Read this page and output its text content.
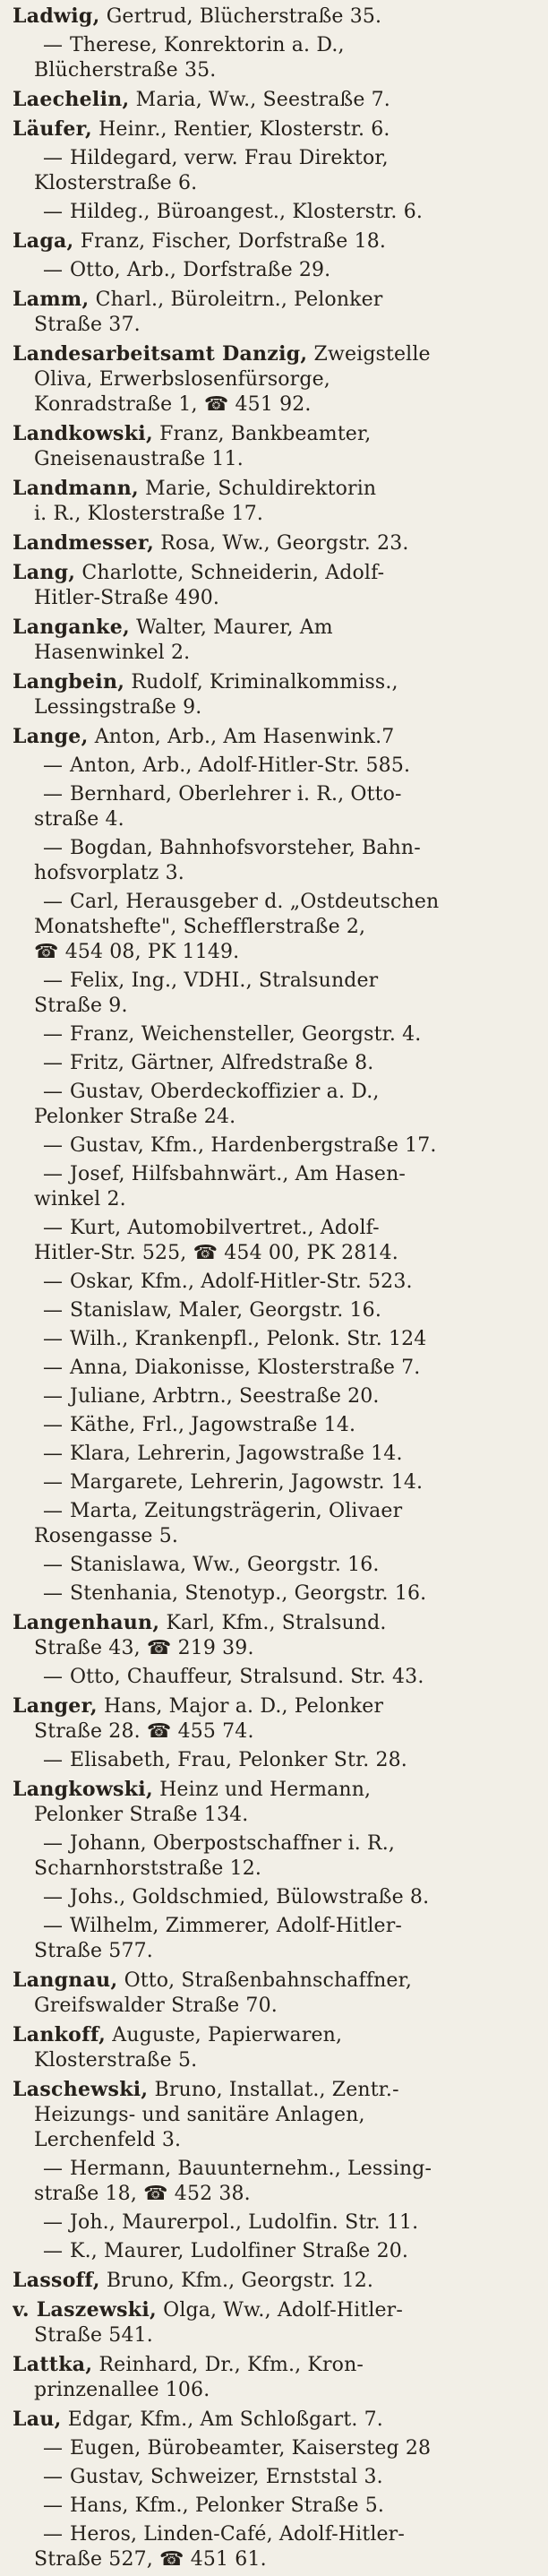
Ladwig, Gertrud, Blücherstraße 35.
— Therese, Konrektorin a. D.,
Blücherstraße 35.
Laechelin, Maria, Ww., Seestraße 7.
Läufer, Heinr., Rentier, Klosterstr. 6.
— Hildegard, verw. Frau Direktor,
Klosterstraße 6.
— Hildeg., Büroangest., Klosterstr. 6.
Laga, Franz, Fischer, Dorfstraße 18.
— Otto, Arb., Dorfstraße 29.
Lamm, Charl., Büroleitrn., Pelonker
Straße 37.
Landesarbeitsamt Danzig, Zweigstelle
Oliva, Erwerbslosenfürsorge,
Konradstraße 1, ☎ 451 92.
Landkowski, Franz, Bankbeamter,
Gneisenaustraße 11.
Landmann, Marie, Schuldirektorin
i. R., Klosterstraße 17.
Landmesser, Rosa, Ww., Georgstr. 23.
Lang, Charlotte, Schneiderin, Adolf-
Hitler-Straße 490.
Langanke, Walter, Maurer, Am
Hasenwinkel 2.
Langbein, Rudolf, Kriminalkommiss.,
Lessingstraße 9.
Lange, Anton, Arb., Am Hasenwink.7
— Anton, Arb., Adolf-Hitler-Str. 585.
— Bernhard, Oberlehrer i. R., Otto-
straße 4.
— Bogdan, Bahnhofsvorsteher, Bahn-
hofsvorplatz 3.
— Carl, Herausgeber d. „Ostdeutschen
Monatshefte", Schefflerstraße 2,
☎ 454 08, PK 1149.
— Felix, Ing., VDHI., Stralsunder
Straße 9.
— Franz, Weichensteller, Georgstr. 4.
— Fritz, Gärtner, Alfredstraße 8.
— Gustav, Oberdeckoffizier a. D.,
Pelonker Straße 24.
— Gustav, Kfm., Hardenbergstraße 17.
— Josef, Hilfsbahnwärt., Am Hasen-
winkel 2.
— Kurt, Automobilvertret., Adolf-
Hitler-Str. 525, ☎ 454 00, PK 2814.
— Oskar, Kfm., Adolf-Hitler-Str. 523.
— Stanislaw, Maler, Georgstr. 16.
— Wilh., Krankenpfl., Pelonk. Str. 124
— Anna, Diakonisse, Klosterstraße 7.
— Juliane, Arbtrn., Seestraße 20.
— Käthe, Frl., Jagowstraße 14.
— Klara, Lehrerin, Jagowstraße 14.
— Margarete, Lehrerin, Jagowstr. 14.
— Marta, Zeitungsträgerin, Olivaer
Rosengasse 5.
— Stanislawa, Ww., Georgstr. 16.
— Stenhania, Stenotyp., Georgstr. 16.
Langenhaun, Karl, Kfm., Stralsund.
Straße 43, ☎ 219 39.
— Otto, Chauffeur, Stralsund. Str. 43.
Langer, Hans, Major a. D., Pelonker
Straße 28. ☎ 455 74.
— Elisabeth, Frau, Pelonker Str. 28.
Langkowski, Heinz und Hermann,
Pelonker Straße 134.
— Johann, Oberpostschaffner i. R.,
Scharnhorststraße 12.
— Johs., Goldschmied, Bülowstraße 8.
— Wilhelm, Zimmerer, Adolf-Hitler-
Straße 577.
Langnau, Otto, Straßenbahnschaffner,
Greifswalder Straße 70.
Lankoff, Auguste, Papierwaren,
Klosterstraße 5.
Laschewski, Bruno, Installat., Zentr.-
Heizungs- und sanitäre Anlagen,
Lerchenfeld 3.
— Hermann, Bauunternehm., Lessing-
straße 18, ☎ 452 38.
— Joh., Maurerpol., Ludolfin. Str. 11.
— K., Maurer, Ludolfiner Straße 20.
Lassoff, Bruno, Kfm., Georgstr. 12.
v. Laszewski, Olga, Ww., Adolf-Hitler-
Straße 541.
Lattka, Reinhard, Dr., Kfm., Kron-
prinzenallee 106.
Lau, Edgar, Kfm., Am Schloßgart. 7.
— Eugen, Bürobeamter, Kaisersteg 28
— Gustav, Schweizer, Ernststal 3.
— Hans, Kfm., Pelonker Straße 5.
— Heros, Linden-Café, Adolf-Hitler-
Straße 527, ☎ 451 61.
